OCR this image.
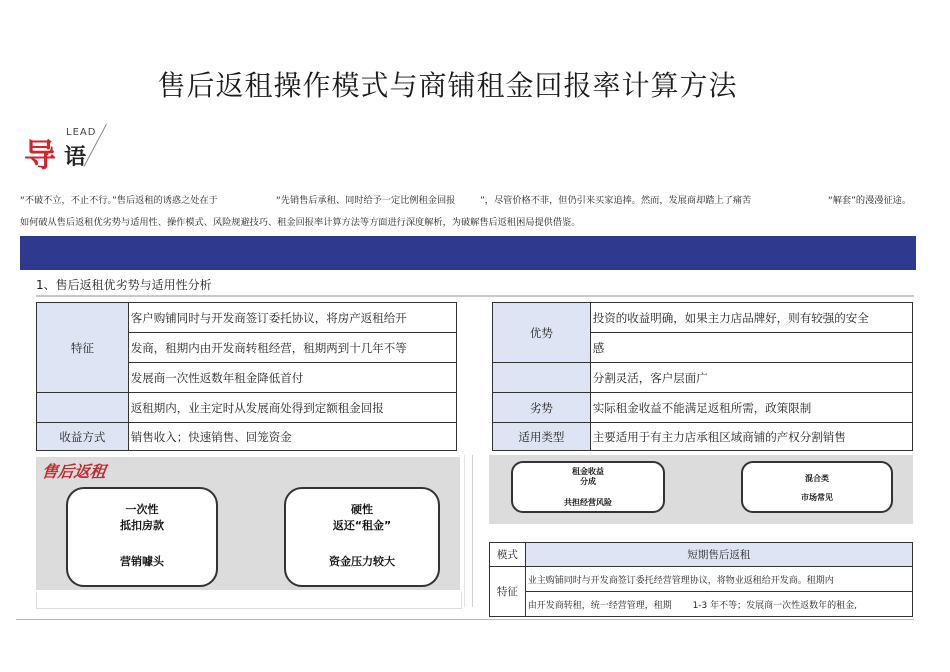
售后返租操作模式与商铺租金回报率计算方法
导
LEAD
语
“不破不立，不止不行。”售后返租的诱惑之处在于	“先销售后承租、同时给予一定比例租金回报	”，尽管价格不菲，但仍引来买家追捧。然而，发展商却踏上了痛苦	“解套”的漫漫征途。
如何破从售后返租优劣势与适用性、操作模式、风险规避技巧、租金回报率计算方法等方面进行深度解析，为破解售后返租困局提供借鉴。
1、售后返租优劣势与适用性分析
特征	客户购铺同时与开发商签订委托协议，将房产返租给开
	发商，租期内由开发商转租经营，租期两到十几年不等
	发展商一次性返数年租金降低首付
	返租期内，业主定时从发展商处得到定额租金回报
收益方式	销售收入；快速销售、回笼资金
优势	投资的收益明确，如果主力店品牌好，则有较强的安全
	感
	分割灵活，客户层面广
劣势	实际租金收益不能满足返租所需，政策限制
适用类型	主要适用于有主力店承租区域商铺的产权分割销售
售后返租
一次性
抵扣房款
营销噱头
硬性
返还“租金”
资金压力较大
租金收益
分成
共担经营风险
混合类
市场常见
模式	短期售后返租
特征	业主购铺同时与开发商签订委托经营管理协议，将物业返租给开发商。租期内
	由开发商转租，统一经营管理，租期 1-3 年不等；发展商一次性返数年的租金,
